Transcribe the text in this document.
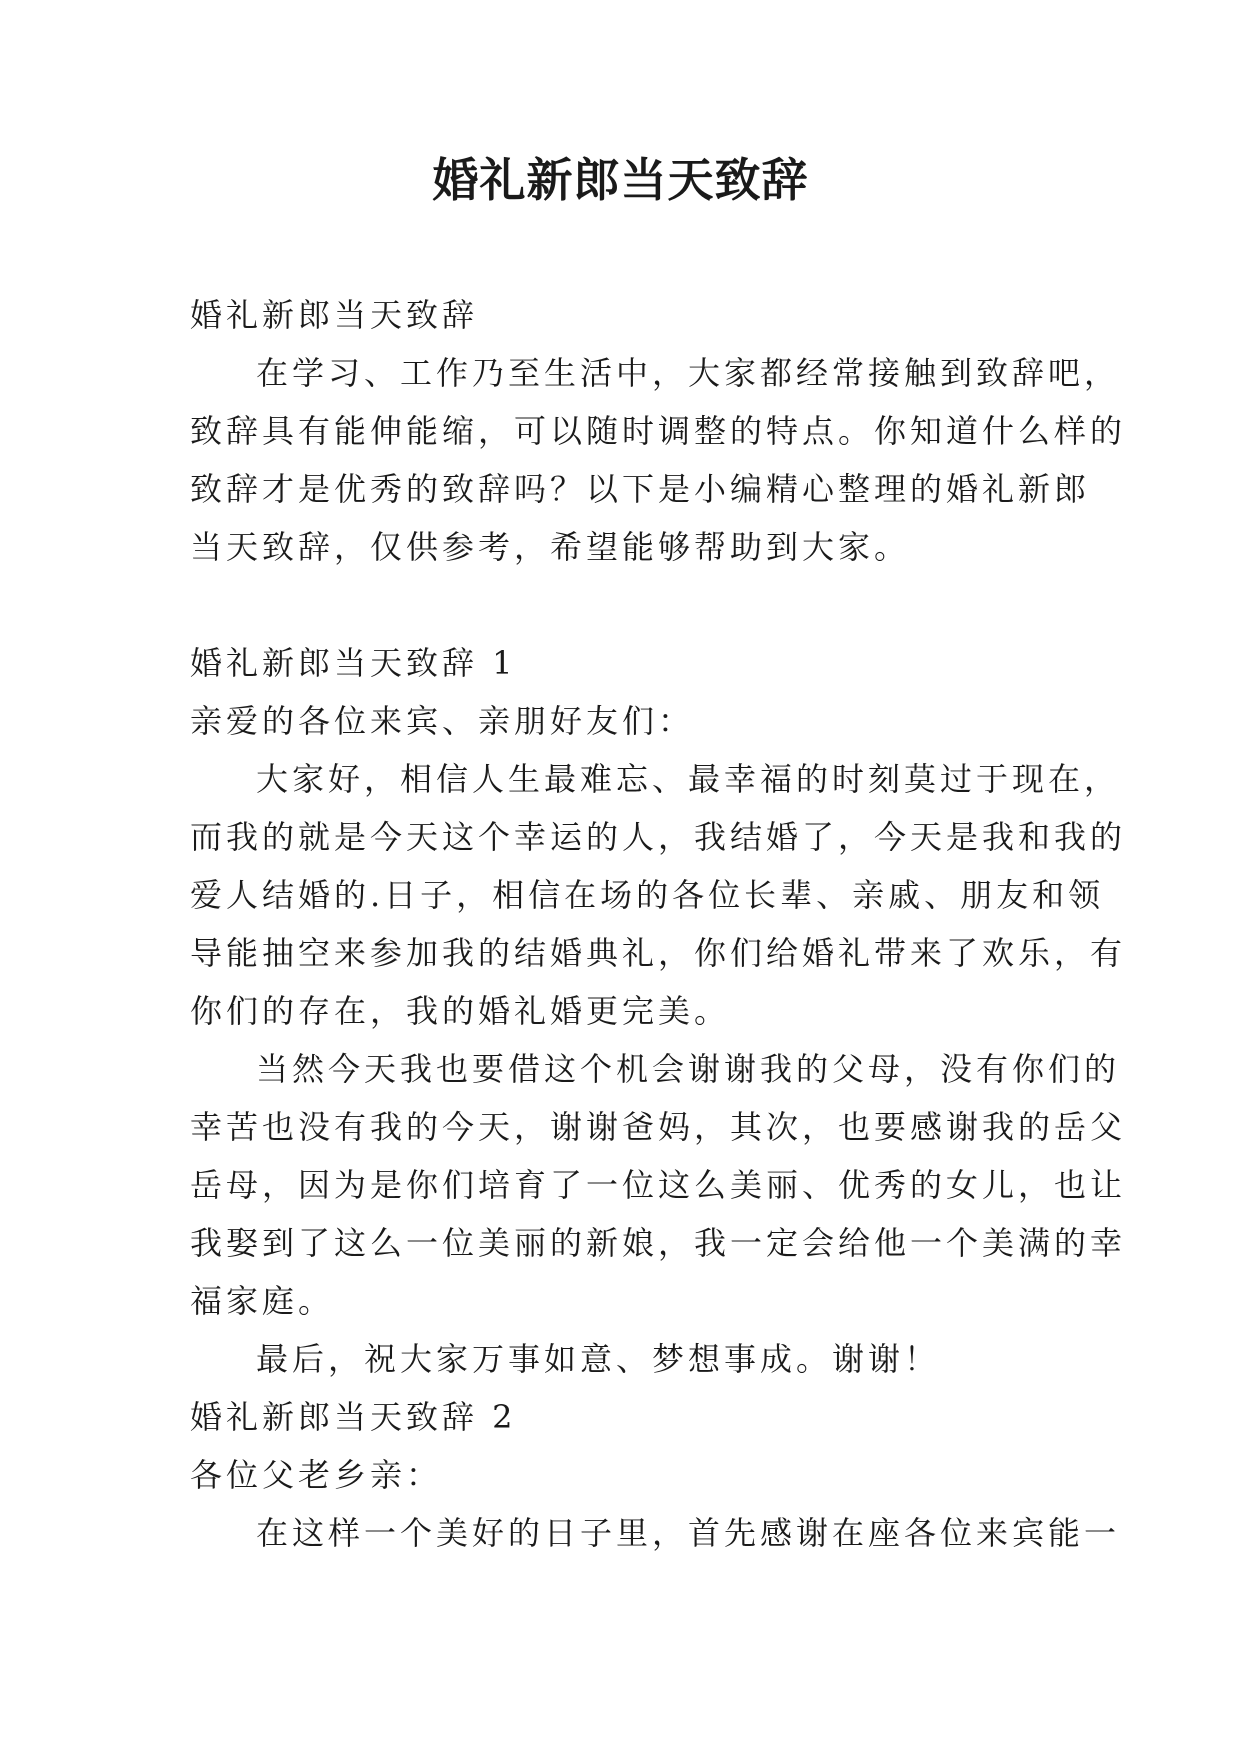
婚礼新郎当天致辞
婚礼新郎当天致辞
在学习、工作乃至生活中，大家都经常接触到致辞吧，
致辞具有能伸能缩，可以随时调整的特点。你知道什么样的
致辞才是优秀的致辞吗？以下是小编精心整理的婚礼新郎
当天致辞，仅供参考，希望能够帮助到大家。
婚礼新郎当天致辞 1
亲爱的各位来宾、亲朋好友们：
大家好，相信人生最难忘、最幸福的时刻莫过于现在，
而我的就是今天这个幸运的人，我结婚了，今天是我和我的
爱人结婚的.日子，相信在场的各位长辈、亲戚、朋友和领
导能抽空来参加我的结婚典礼，你们给婚礼带来了欢乐，有
你们的存在，我的婚礼婚更完美。
当然今天我也要借这个机会谢谢我的父母，没有你们的
幸苦也没有我的今天，谢谢爸妈，其次，也要感谢我的岳父
岳母，因为是你们培育了一位这么美丽、优秀的女儿，也让
我娶到了这么一位美丽的新娘，我一定会给他一个美满的幸
福家庭。
最后，祝大家万事如意、梦想事成。谢谢！
婚礼新郎当天致辞 2
各位父老乡亲：
在这样一个美好的日子里，首先感谢在座各位来宾能一
